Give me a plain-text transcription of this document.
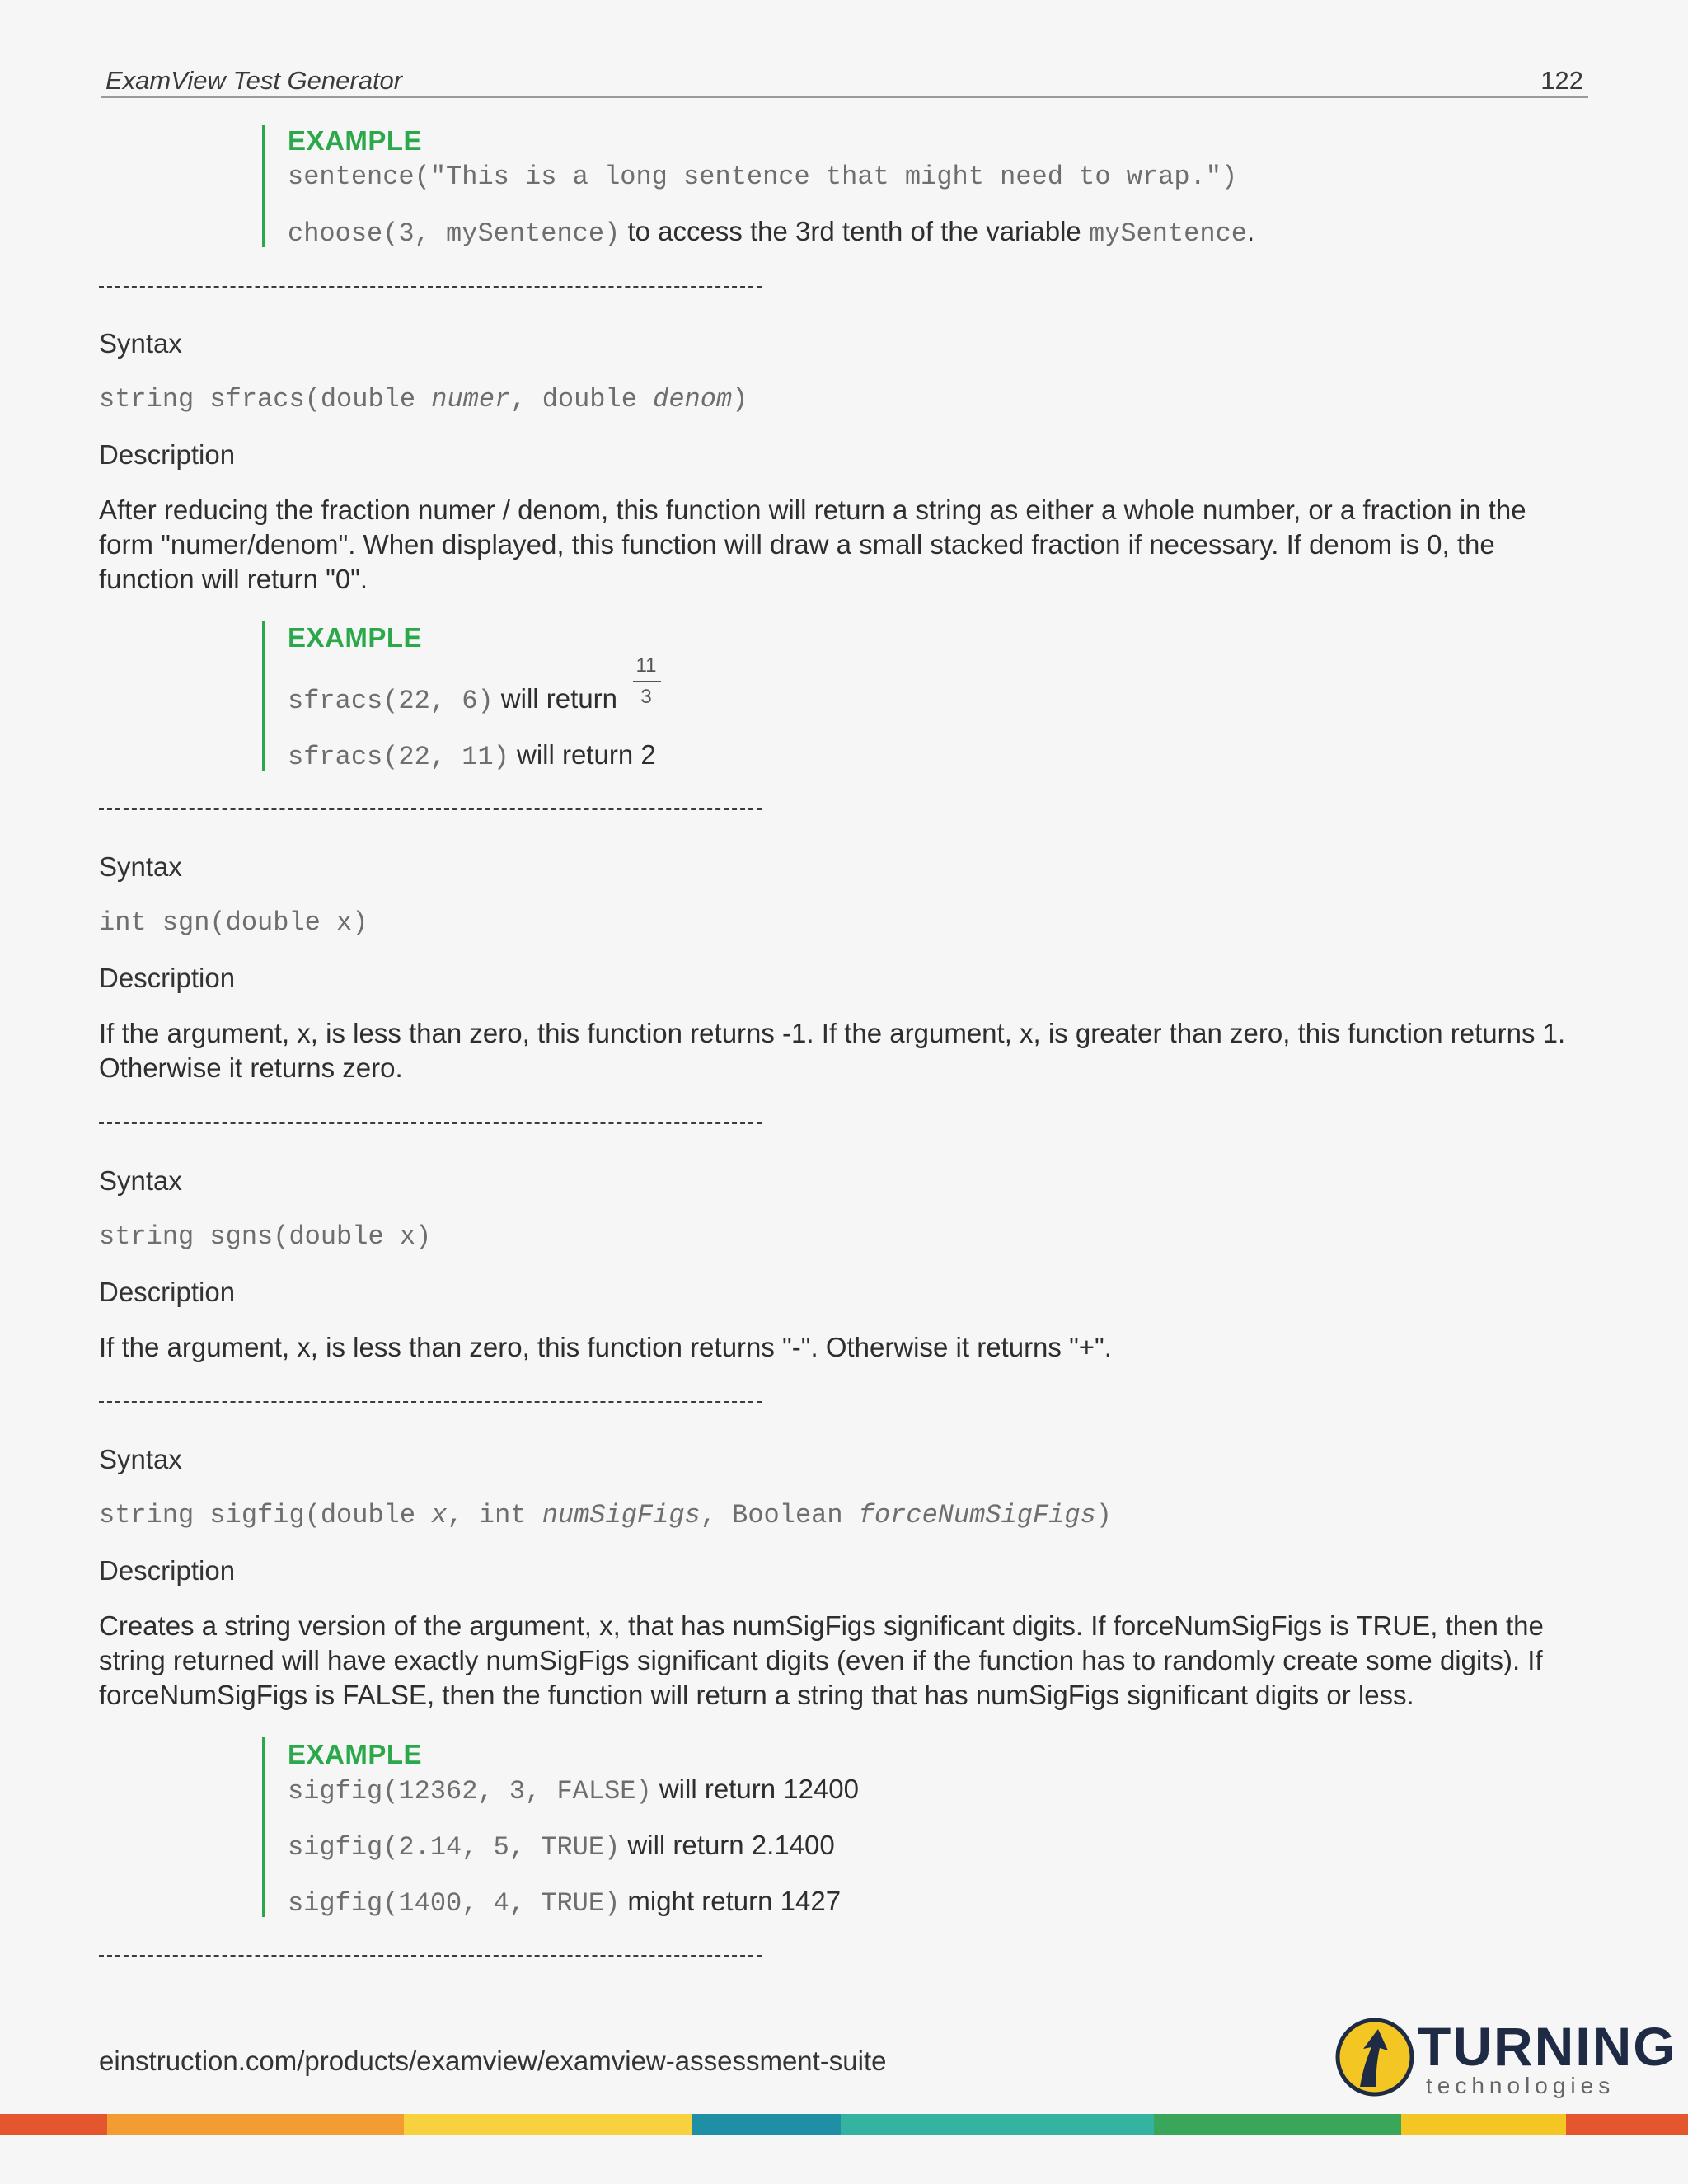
ExamView Test Generator	122
EXAMPLE
sentence("This is a long sentence that might need to wrap.")
choose(3, mySentence) to access the 3rd tenth of the variable mySentence.
Syntax
string sfracs(double numer, double denom)
Description
After reducing the fraction numer / denom, this function will return a string as either a whole number, or a fraction in the form "numer/denom". When displayed, this function will draw a small stacked fraction if necessary. If denom is 0, the function will return "0".
EXAMPLE
sfracs(22, 6) will return
11
3
sfracs(22, 11) will return 2
Syntax
int sgn(double x)
Description
If the argument, x, is less than zero, this function returns -1. If the argument, x, is greater than zero, this function returns 1. Otherwise it returns zero.
Syntax
string sgns(double x)
Description
If the argument, x, is less than zero, this function returns "-". Otherwise it returns "+".
Syntax
string sigfig(double x, int numSigFigs, Boolean forceNumSigFigs)
Description
Creates a string version of the argument, x, that has numSigFigs significant digits. If forceNumSigFigs is TRUE, then the string returned will have exactly numSigFigs significant digits (even if the function has to randomly create some digits). If forceNumSigFigs is FALSE, then the function will return a string that has numSigFigs significant digits or less.
EXAMPLE
sigfig(12362, 3, FALSE) will return 12400
sigfig(2.14, 5, TRUE) will return 2.1400
sigfig(1400, 4, TRUE) might return 1427
einstruction.com/products/examview/examview-assessment-suite	TURNING
technologies
